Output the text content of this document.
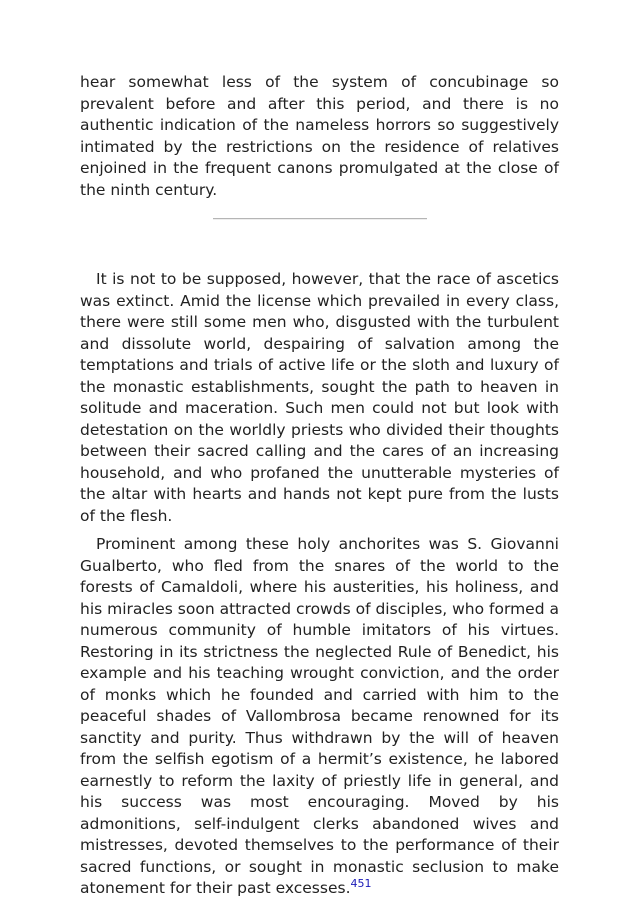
hear somewhat less of the system of concubinage so prevalent before and after this period, and there is no authentic indication of the nameless horrors so suggestively intimated by the restrictions on the residence of relatives enjoined in the frequent canons promulgated at the close of the ninth century.

It is not to be supposed, however, that the race of ascetics was extinct. Amid the license which prevailed in every class, there were still some men who, disgusted with the turbulent and dissolute world, despairing of salvation among the temptations and trials of active life or the sloth and luxury of the monastic establishments, sought the path to heaven in solitude and maceration. Such men could not but look with detestation on the worldly priests who divided their thoughts between their sacred calling and the cares of an increasing household, and who profaned the unutterable mysteries of the altar with hearts and hands not kept pure from the lusts of the flesh.

Prominent among these holy anchorites was S. Giovanni Gualberto, who fled from the snares of the world to the forests of Camaldoli, where his austerities, his holiness, and his miracles soon attracted crowds of disciples, who formed a numerous community of humble imitators of his virtues. Restoring in its strictness the neglected Rule of Benedict, his example and his teaching wrought conviction, and the order of monks which he founded and carried with him to the peaceful shades of Vallombrosa became renowned for its sanctity and purity. Thus withdrawn by the will of heaven from the selfish egotism of a hermit’s existence, he labored earnestly to reform the laxity of priestly life in general, and his success was most encouraging. Moved by his admonitions, self-indulgent clerks abandoned wives and mistresses, devoted themselves to the performance of their sacred functions, or sought in monastic seclusion to make atonement for their past excesses.$^{451}$
